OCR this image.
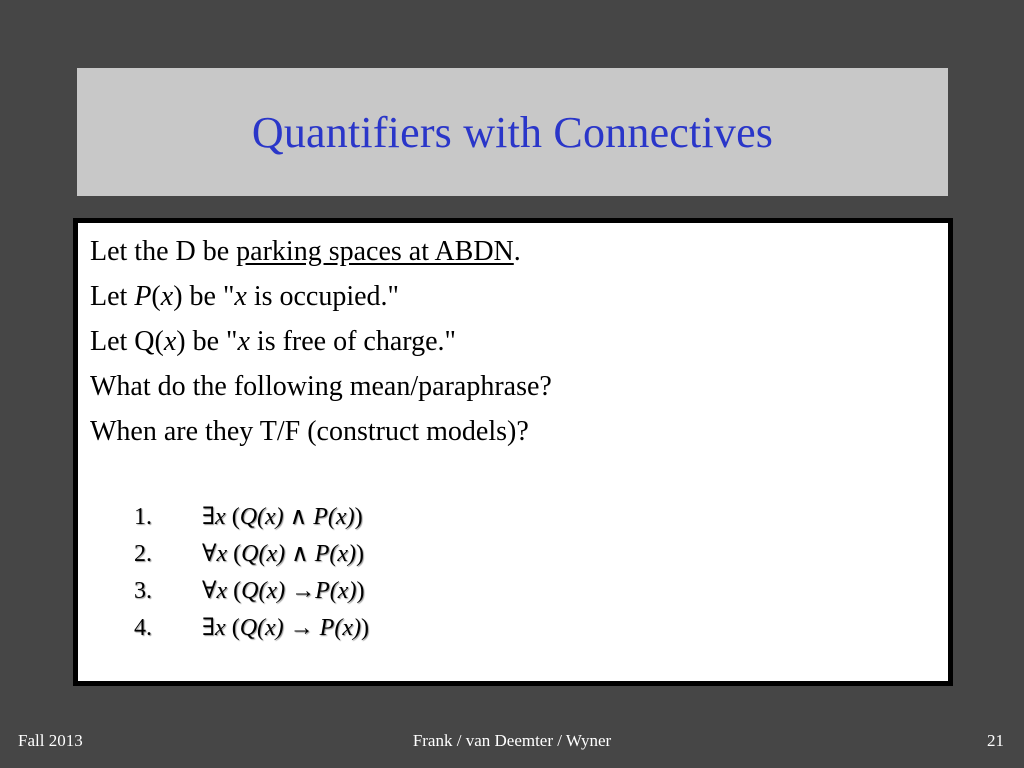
Quantifiers with Connectives
Let the D be parking spaces at ABDN.
Let P(x) be "x is occupied."
Let Q(x) be "x is free of charge."
What do the following mean/paraphrase?
When are they T/F (construct models)?
1.	∃x (Q(x) ∧ P(x))
2.	∀x (Q(x) ∧ P(x))
3.	∀x (Q(x) →P(x))
4.	∃x (Q(x) → P(x))
Fall 2013	Frank / van Deemter / Wyner	21
